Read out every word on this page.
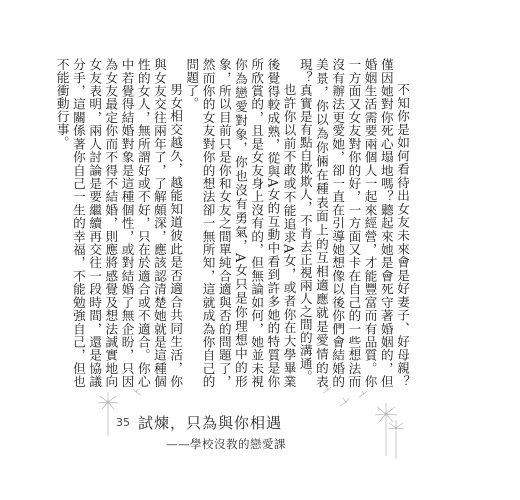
不知你是如何看待出女友未來會是好妻子、好母親？僅因她對你死心塌地嗎？聽起來她是會死守著婚姻的，但婚姻生活需要兩個人一起來經營，才能豐富而有品質。你一方面又女友對你的好，一方面又卡在自己的一些想法而沒有辦法更愛她，卻一直在引導她想像以後你們會結婚的美景，你以為你倆在種表面上的互相適應就是愛情的表現？真實是有點自欺欺人，不肯去正視兩人之間的溝通。

也許你以前不敢或不能追求A女，或者你在大學畢業後覺得較成熟，從與A女的互動中看到許多她的特質是你所欣賞的，且是女友身上沒有的，但無論如何，她並未視你為戀愛對象，你也沒有勇氣，A女只是你理想中的形象，所以目前只是你和女友之間單純合適與否的問題了，然而你的女友對你的想法卻一無所知，這就成為你自己的問題了。

男女相交越久，越能知道彼此是否適合共同生活，你與女友交往兩年了，了解頗深，應該認清楚她就是這種個性的女人，無所謂好或不好，只在於適合或不適合。你心中若覺得結婚對象是這種個性，或對結婚了無企盼，只因為女友最定你而不得不結婚，則應將感覺及想法誠實地向女友表明，兩人討論是要繼續再交往一段時間，還是協議分手，這關係著你自己一生的幸福，不能勉強自己，但也不能衝動行事。

35 試煉，只為與你相遇
——學校沒教的戀愛課
